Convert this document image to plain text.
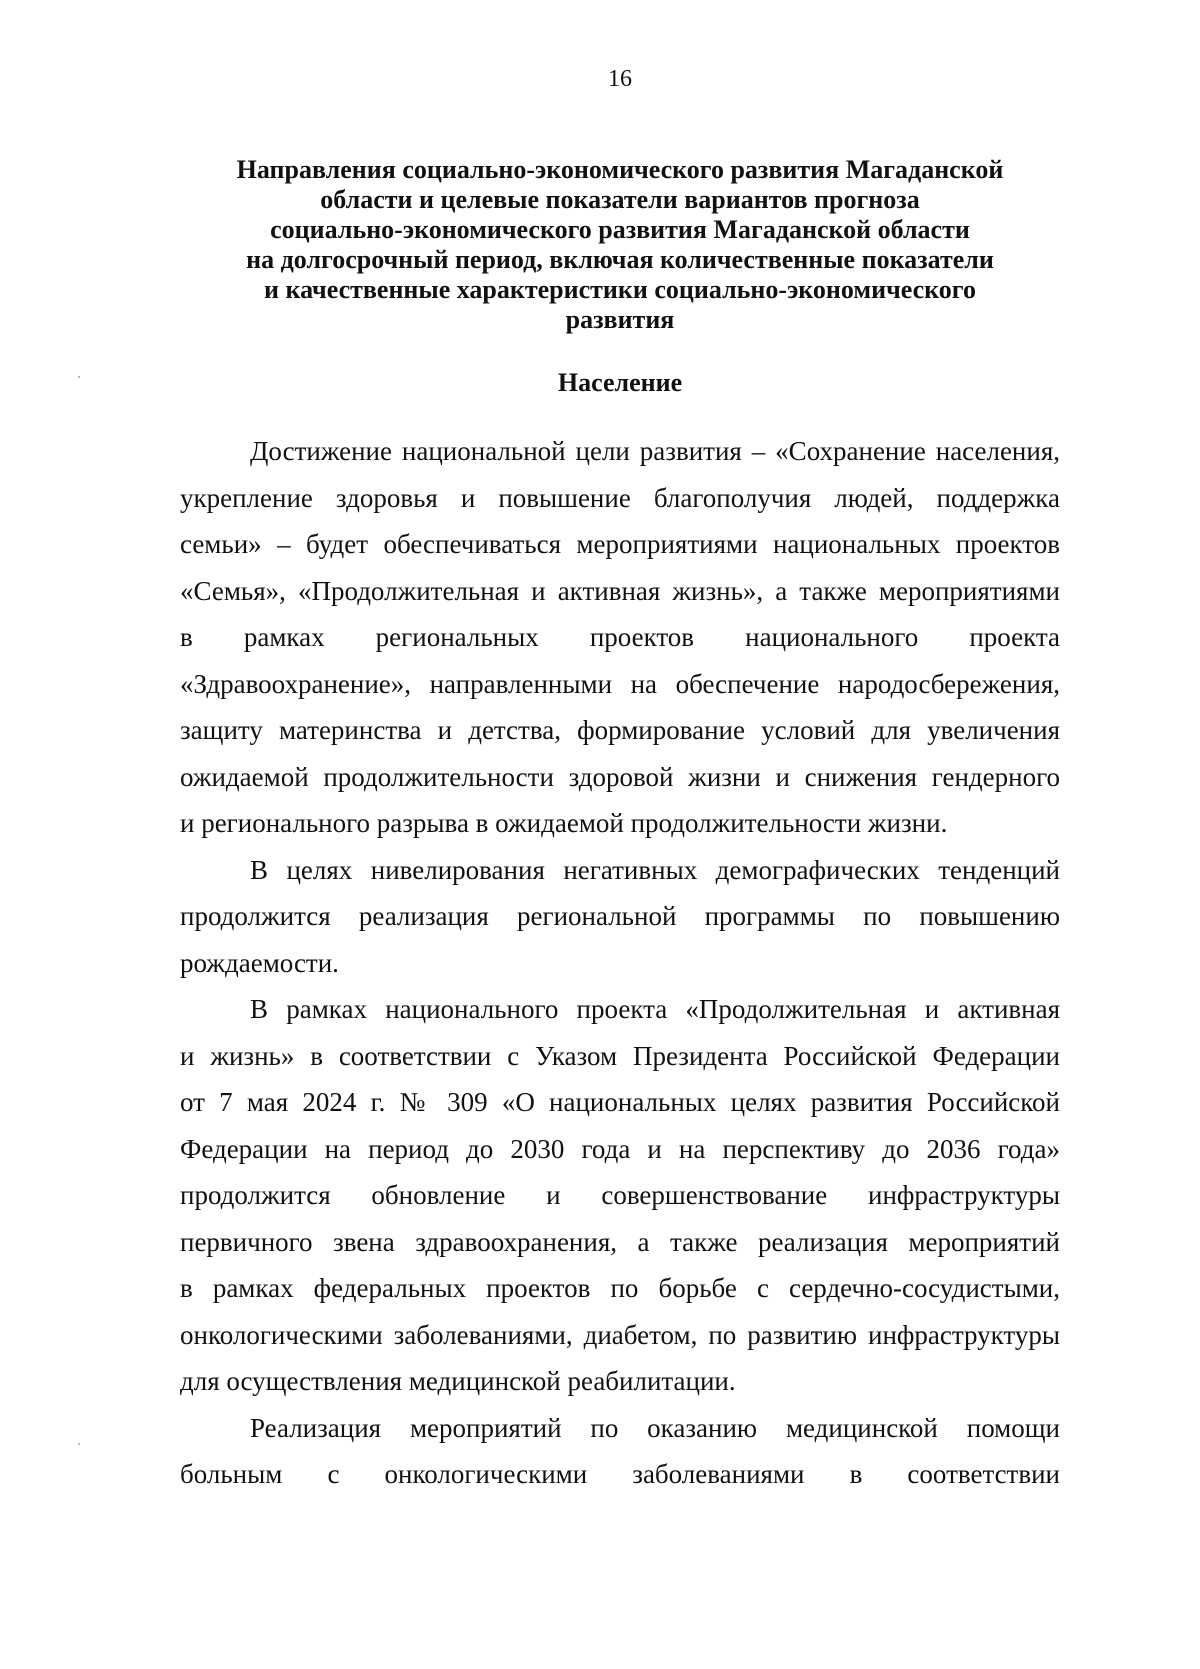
16
Направления социально-экономического развития Магаданской
области и целевые показатели вариантов прогноза
социально-экономического развития Магаданской области
на долгосрочный период, включая количественные показатели
и качественные характеристики социально-экономического
развития
Население

Достижение национальной цели развития – «Сохранение населения,
укрепление здоровья и повышение благополучия людей, поддержка
семьи» – будет обеспечиваться мероприятиями национальных проектов
«Семья», «Продолжительная и активная жизнь», а также мероприятиями
в рамках региональных проектов национального проекта
«Здравоохранение», направленными на обеспечение народосбережения,
защиту материнства и детства, формирование условий для увеличения
ожидаемой продолжительности здоровой жизни и снижения гендерного
и регионального разрыва в ожидаемой продолжительности жизни.

В целях нивелирования негативных демографических тенденций
продолжится реализация региональной программы по повышению
рождаемости.

В рамках национального проекта «Продолжительная и активная
и жизнь» в соответствии с Указом Президента Российской Федерации
от 7 мая 2024 г. № 309 «О национальных целях развития Российской
Федерации на период до 2030 года и на перспективу до 2036 года»
продолжится обновление и совершенствование инфраструктуры
первичного звена здравоохранения, а также реализация мероприятий
в рамках федеральных проектов по борьбе с сердечно-сосудистыми,
онкологическими заболеваниями, диабетом, по развитию инфраструктуры
для осуществления медицинской реабилитации.

Реализация мероприятий по оказанию медицинской помощи
больным с онкологическими заболеваниями в соответствии
